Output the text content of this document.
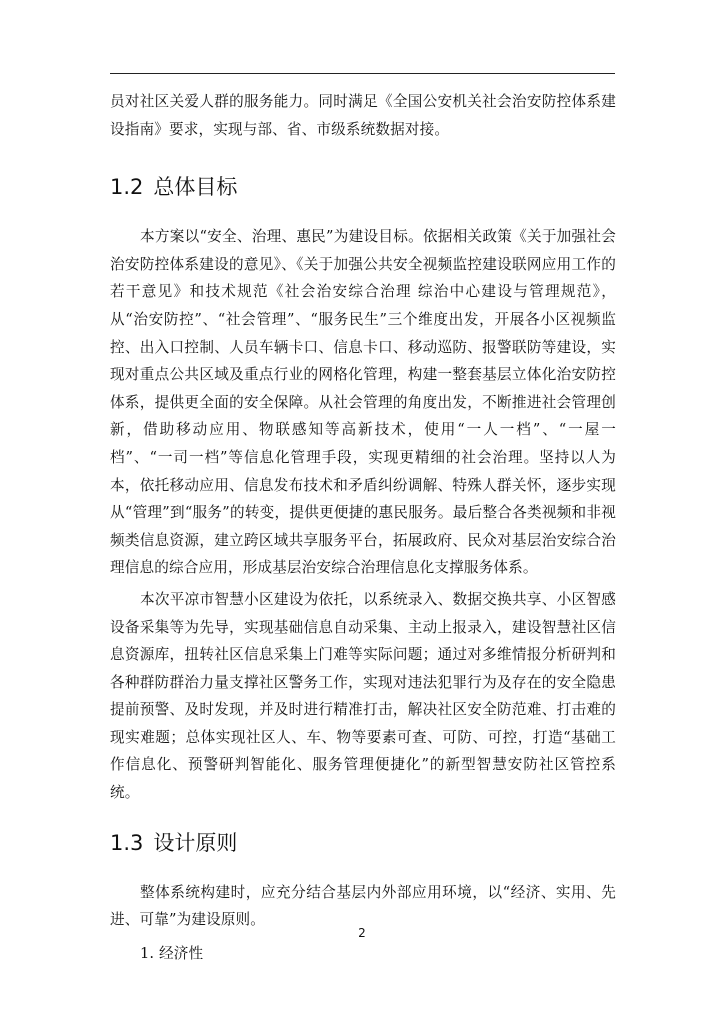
员对社区关爱人群的服务能力。同时满足《全国公安机关社会治安防控体系建设指南》要求，实现与部、省、市级系统数据对接。

1.2 总体目标

本方案以“安全、治理、惠民”为建设目标。依据相关政策《关于加强社会治安防控体系建设的意见》、《关于加强公共安全视频监控建设联网应用工作的若干意见》和技术规范《社会治安综合治理 综治中心建设与管理规范》，从“治安防控”、“社会管理”、“服务民生”三个维度出发，开展各小区视频监控、出入口控制、人员车辆卡口、信息卡口、移动巡防、报警联防等建设，实现对重点公共区域及重点行业的网格化管理，构建一整套基层立体化治安防控体系，提供更全面的安全保障。从社会管理的角度出发，不断推进社会管理创新，借助移动应用、物联感知等高新技术，使用“一人一档”、“一屋一档”、“一司一档”等信息化管理手段，实现更精细的社会治理。坚持以人为本，依托移动应用、信息发布技术和矛盾纠纷调解、特殊人群关怀，逐步实现从“管理”到“服务”的转变，提供更便捷的惠民服务。最后整合各类视频和非视频类信息资源，建立跨区域共享服务平台，拓展政府、民众对基层治安综合治理信息的综合应用，形成基层治安综合治理信息化支撑服务体系。

本次平凉市智慧小区建设为依托，以系统录入、数据交换共享、小区智感设备采集等为先导，实现基础信息自动采集、主动上报录入，建设智慧社区信息资源库，扭转社区信息采集上门难等实际问题；通过对多维情报分析研判和各种群防群治力量支撑社区警务工作，实现对违法犯罪行为及存在的安全隐患提前预警、及时发现，并及时进行精准打击，解决社区安全防范难、打击难的现实难题；总体实现社区人、车、物等要素可查、可防、可控，打造“基础工作信息化、预警研判智能化、服务管理便捷化”的新型智慧安防社区管控系统。

1.3 设计原则

整体系统构建时，应充分结合基层内外部应用环境，以“经济、实用、先进、可靠”为建设原则。

1. 经济性

2
